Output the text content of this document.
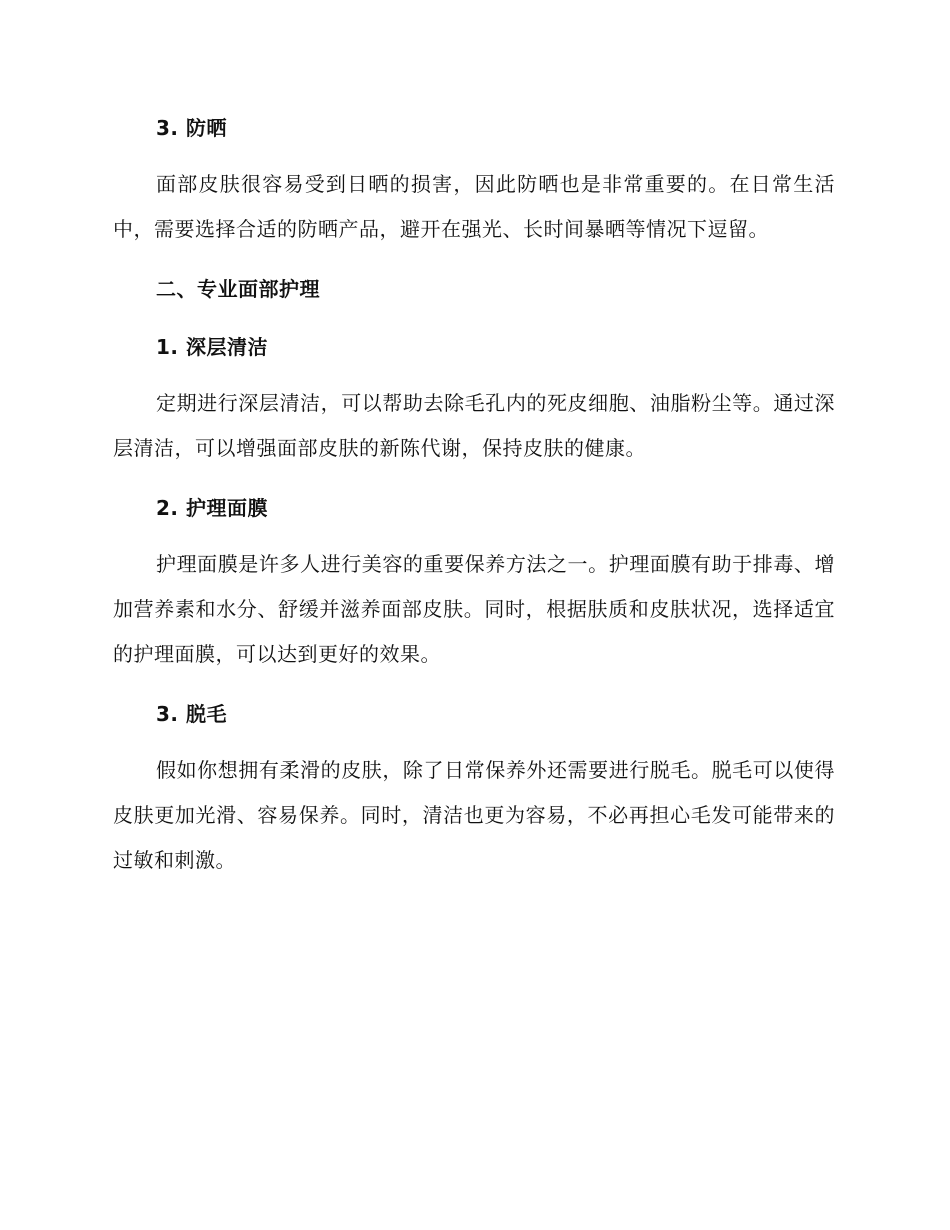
3. 防晒
面部皮肤很容易受到日晒的损害，因此防晒也是非常重要的。在日常生活中，需要选择合适的防晒产品，避开在强光、长时间暴晒等情况下逗留。
二、专业面部护理
1. 深层清洁
定期进行深层清洁，可以帮助去除毛孔内的死皮细胞、油脂粉尘等。通过深层清洁，可以增强面部皮肤的新陈代谢，保持皮肤的健康。
2. 护理面膜
护理面膜是许多人进行美容的重要保养方法之一。护理面膜有助于排毒、增加营养素和水分、舒缓并滋养面部皮肤。同时，根据肤质和皮肤状况，选择适宜的护理面膜，可以达到更好的效果。
3. 脱毛
假如你想拥有柔滑的皮肤，除了日常保养外还需要进行脱毛。脱毛可以使得皮肤更加光滑、容易保养。同时，清洁也更为容易，不必再担心毛发可能带来的过敏和刺激。
